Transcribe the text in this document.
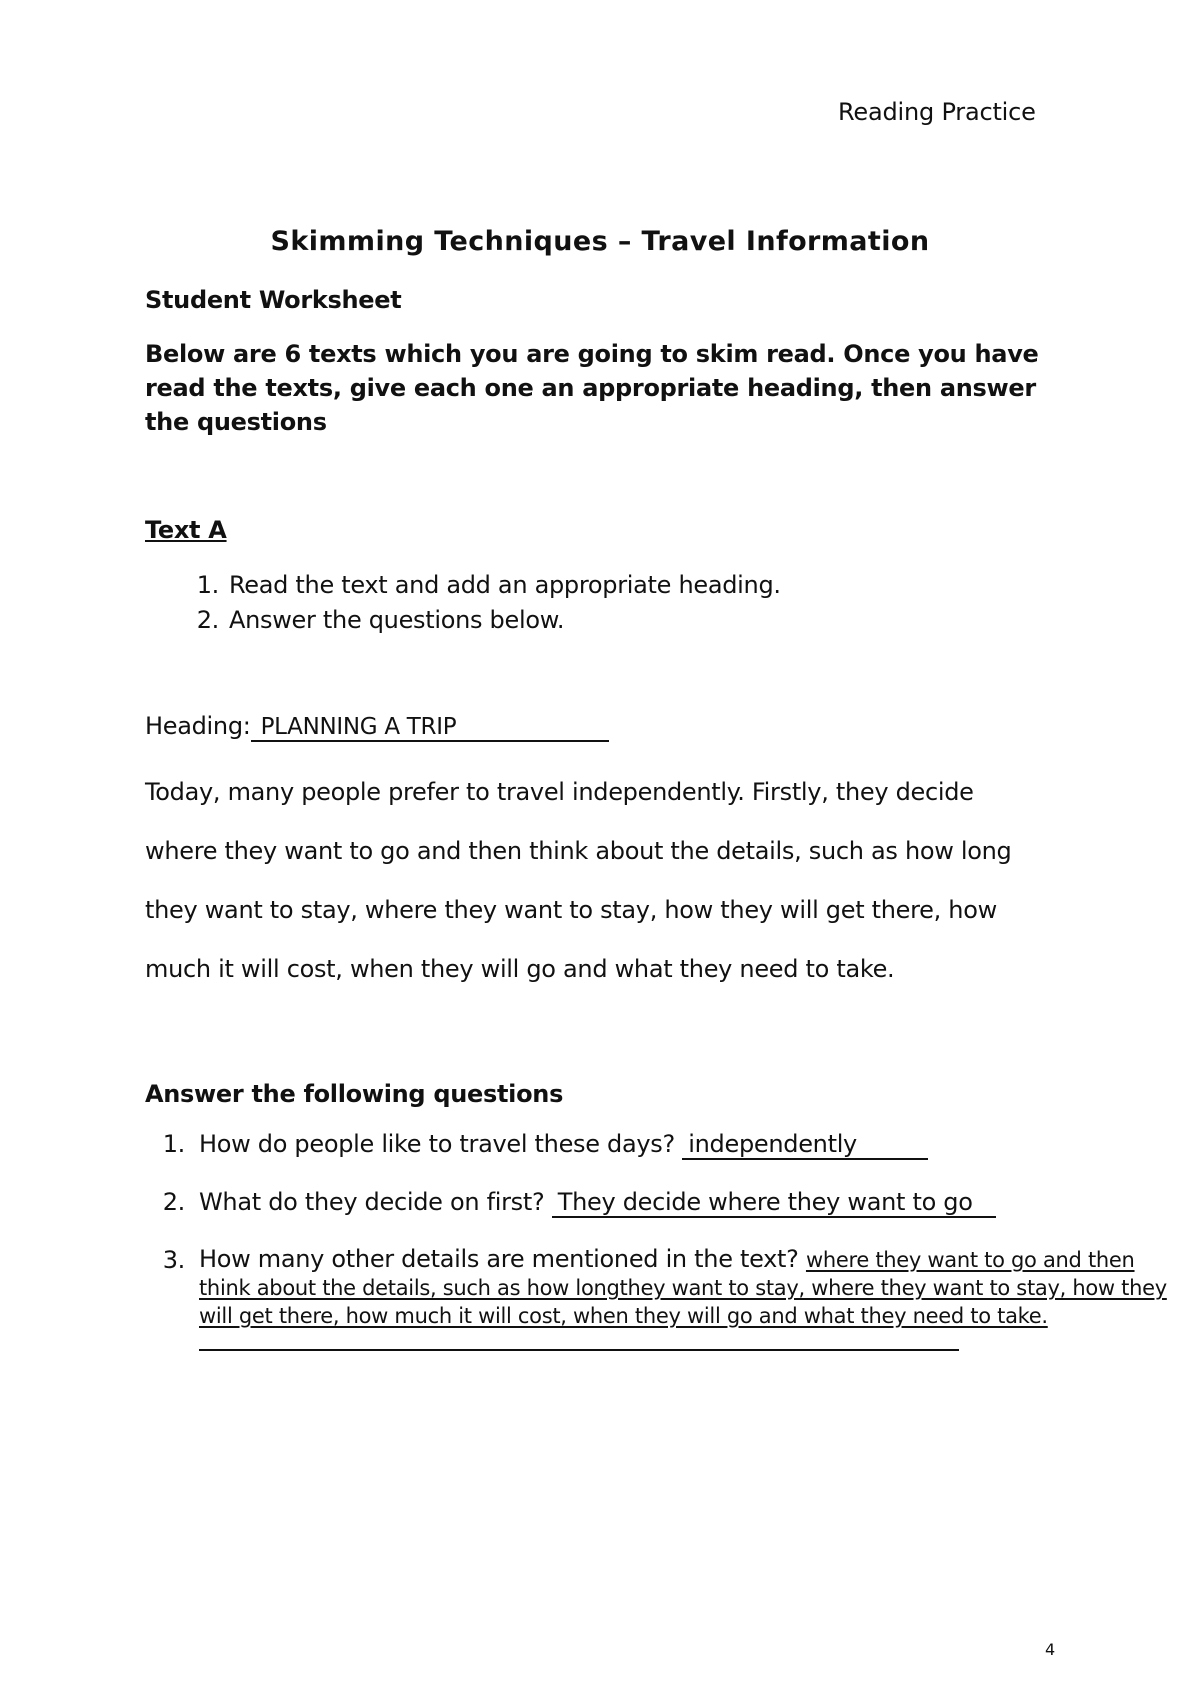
Reading Practice
Skimming Techniques – Travel Information
Student Worksheet
Below are 6 texts which you are going to skim read. Once you have read the texts, give each one an appropriate heading, then answer the questions
Text A
1. Read the text and add an appropriate heading.
2. Answer the questions below.
Heading: PLANNING A TRIP

Today, many people prefer to travel independently. Firstly, they decide

where they want to go and then think about the details, such as how long

they want to stay, where they want to stay, how they will get there, how

much it will cost, when they will go and what they need to take.

Answer the following questions
1. How do people like to travel these days? independently
2. What do they decide on first? They decide where they want to go
3. How many other details are mentioned in the text? where they want to go and then think about the details, such as how longthey want to stay, where they want to stay, how they will get there, how much it will cost, when they will go and what they need to take.
4
